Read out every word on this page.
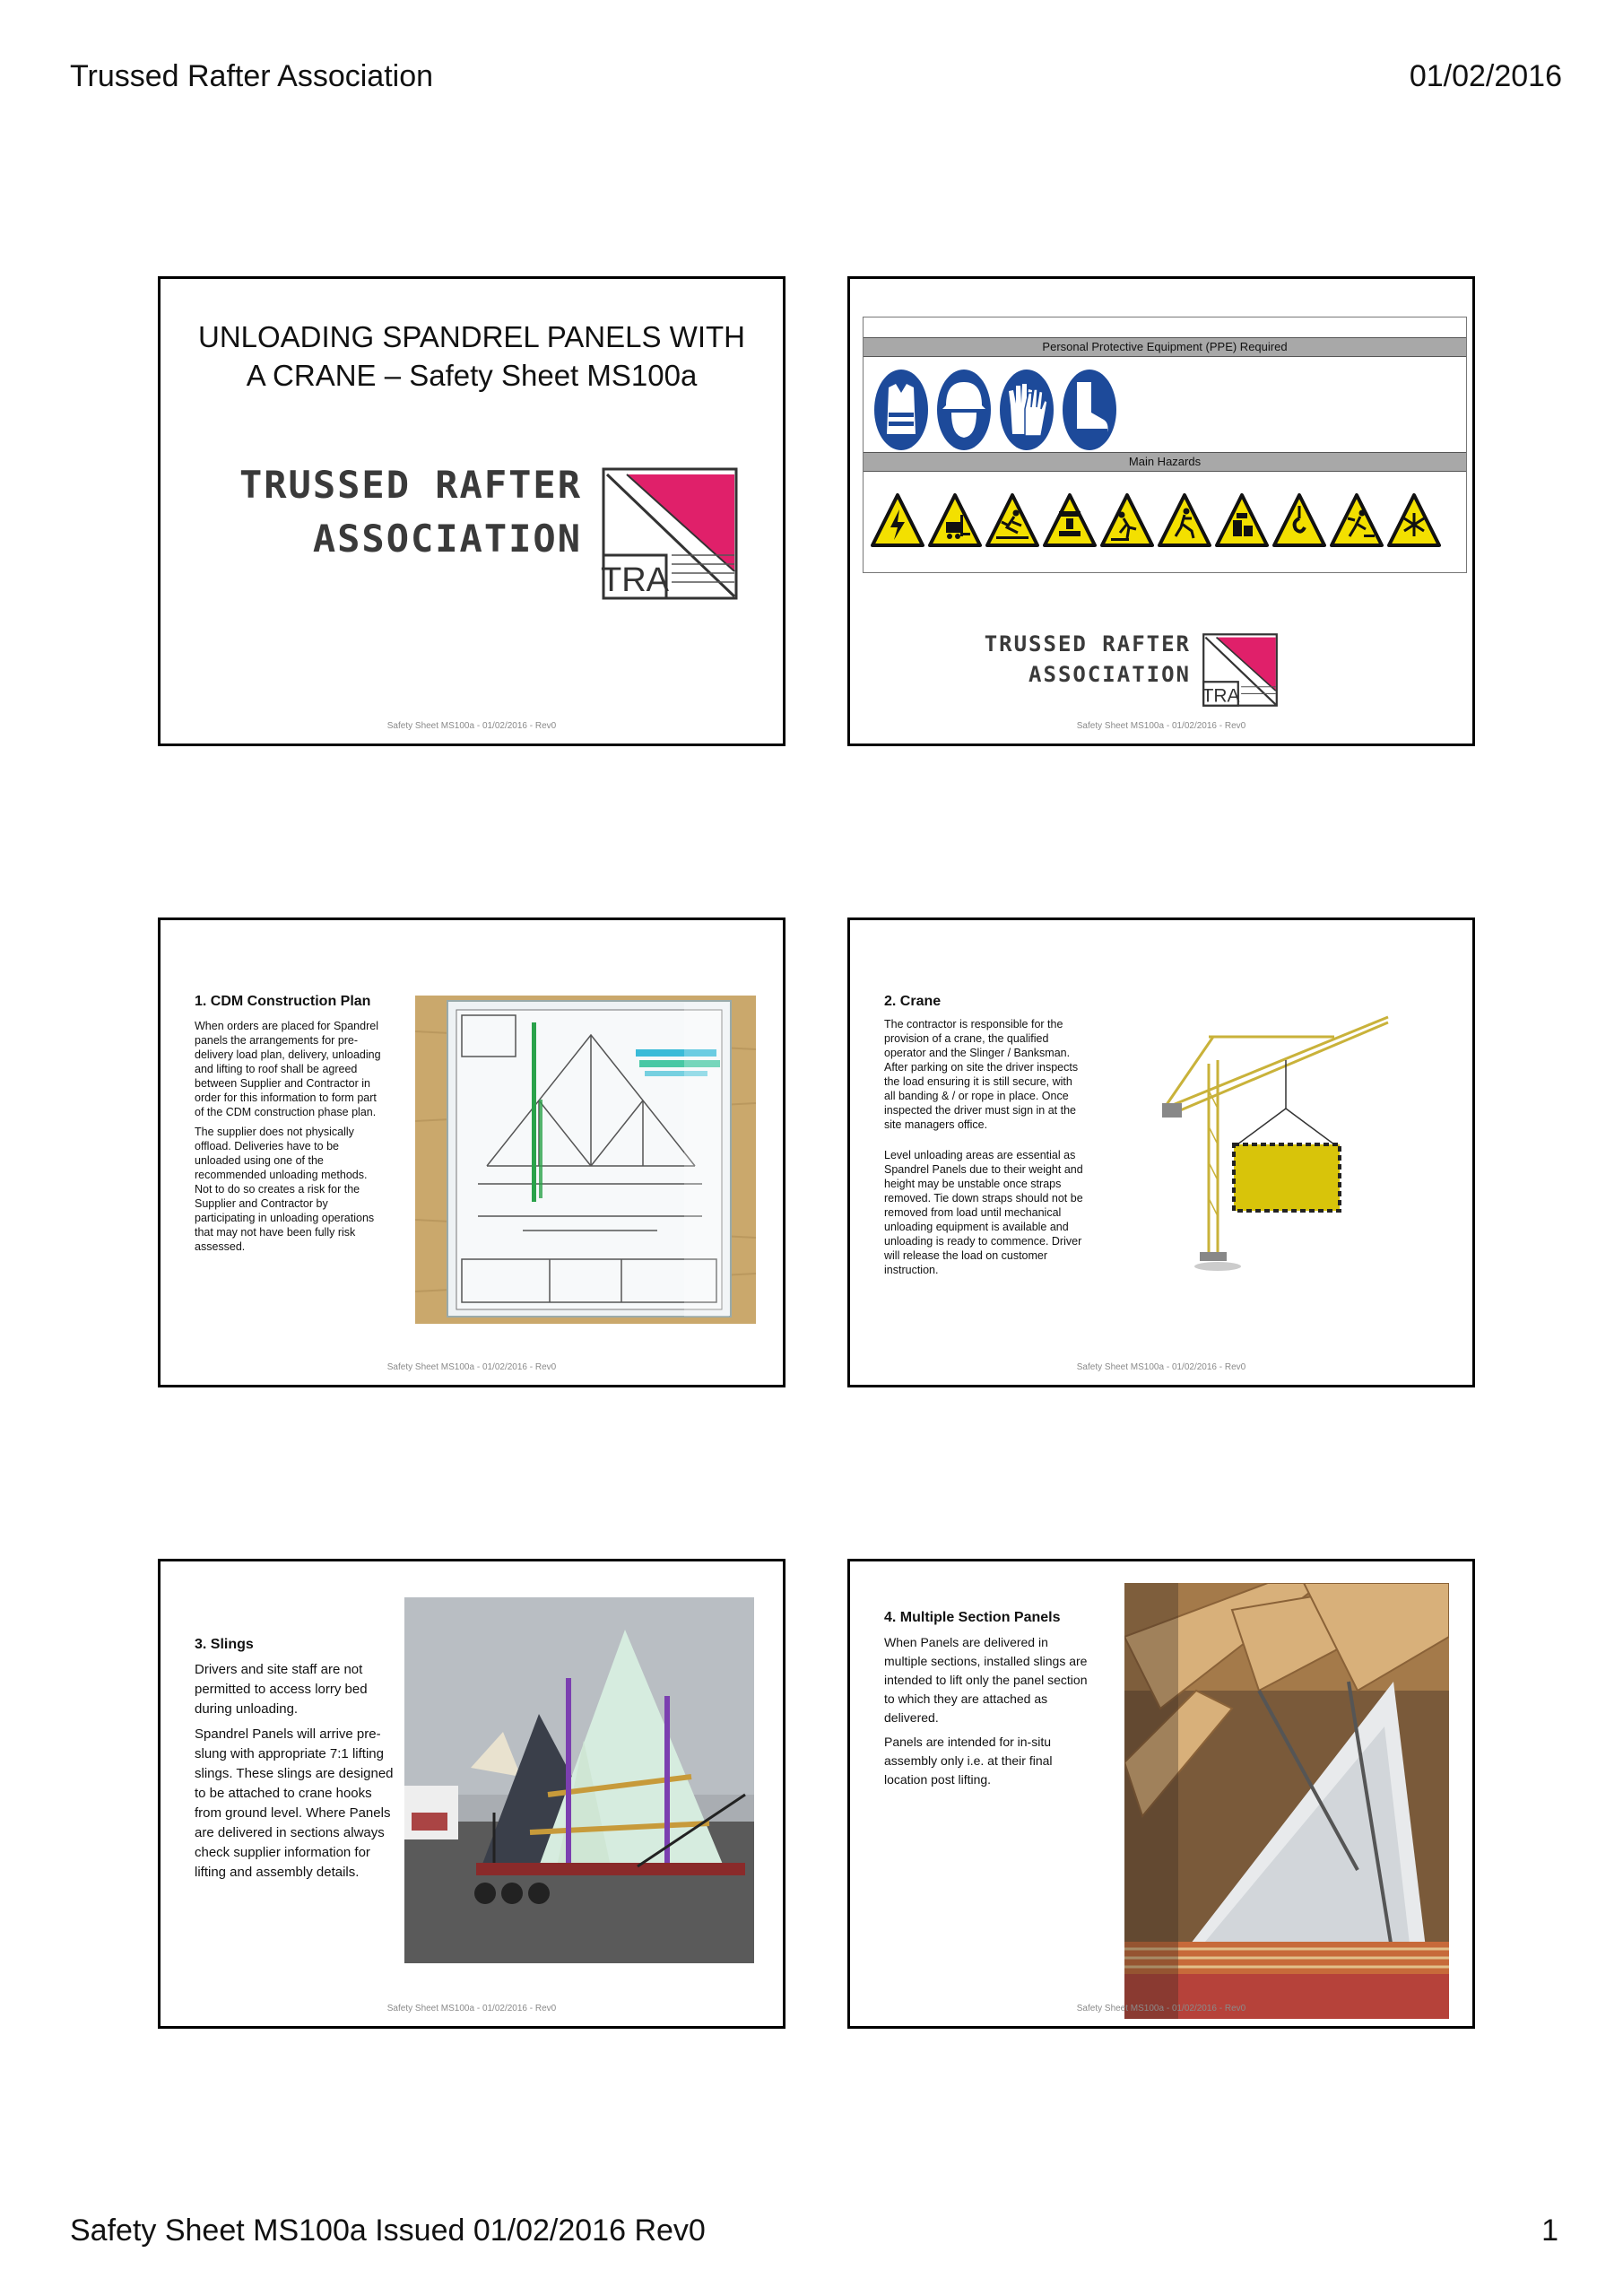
Trussed Rafter Association	01/02/2016
UNLOADING SPANDREL PANELS WITH
A CRANE – Safety Sheet MS100a
TRUSSED RAFTER
ASSOCIATION
TRA
Safety Sheet MS100a - 01/02/2016 - Rev0
Personal Protective Equipment (PPE) Required
Main Hazards
TRUSSED RAFTER
ASSOCIATION
TRA
Safety Sheet MS100a - 01/02/2016 - Rev0
1. CDM Construction Plan

When orders are placed for Spandrel panels the arrangements for pre-delivery load plan, delivery, unloading and lifting to roof shall be agreed between Supplier and Contractor in order for this information to form part of the CDM construction phase plan.

The supplier does not physically offload. Deliveries have to be unloaded using one of the recommended unloading methods. Not to do so creates a risk for the Supplier and Contractor by participating in unloading operations that may not have been fully risk assessed.

Safety Sheet MS100a - 01/02/2016 - Rev0
2. Crane

The contractor is responsible for the provision of a crane, the qualified operator and the Slinger / Banksman. After parking on site the driver inspects the load ensuring it is still secure, with all banding & / or rope in place. Once inspected the driver must sign in at the site managers office.

Level unloading areas are essential as Spandrel Panels due to their weight and height may be unstable once straps removed. Tie down straps should not be removed from load until mechanical unloading equipment is available and unloading is ready to commence. Driver will release the load on customer instruction.

Safety Sheet MS100a - 01/02/2016 - Rev0
3. Slings

Drivers and site staff are not permitted to access lorry bed during unloading.

Spandrel Panels will arrive pre-slung with appropriate 7:1 lifting slings. These slings are designed to be attached to crane hooks from ground level. Where Panels are delivered in sections always check supplier information for lifting and assembly details.

Safety Sheet MS100a - 01/02/2016 - Rev0
4. Multiple Section Panels

When Panels are delivered in multiple sections, installed slings are intended to lift only the panel section to which they are attached as delivered.

Panels are intended for in-situ assembly only i.e. at their final location post lifting.

Safety Sheet MS100a - 01/02/2016 - Rev0
Safety Sheet MS100a Issued 01/02/2016 Rev0	1
